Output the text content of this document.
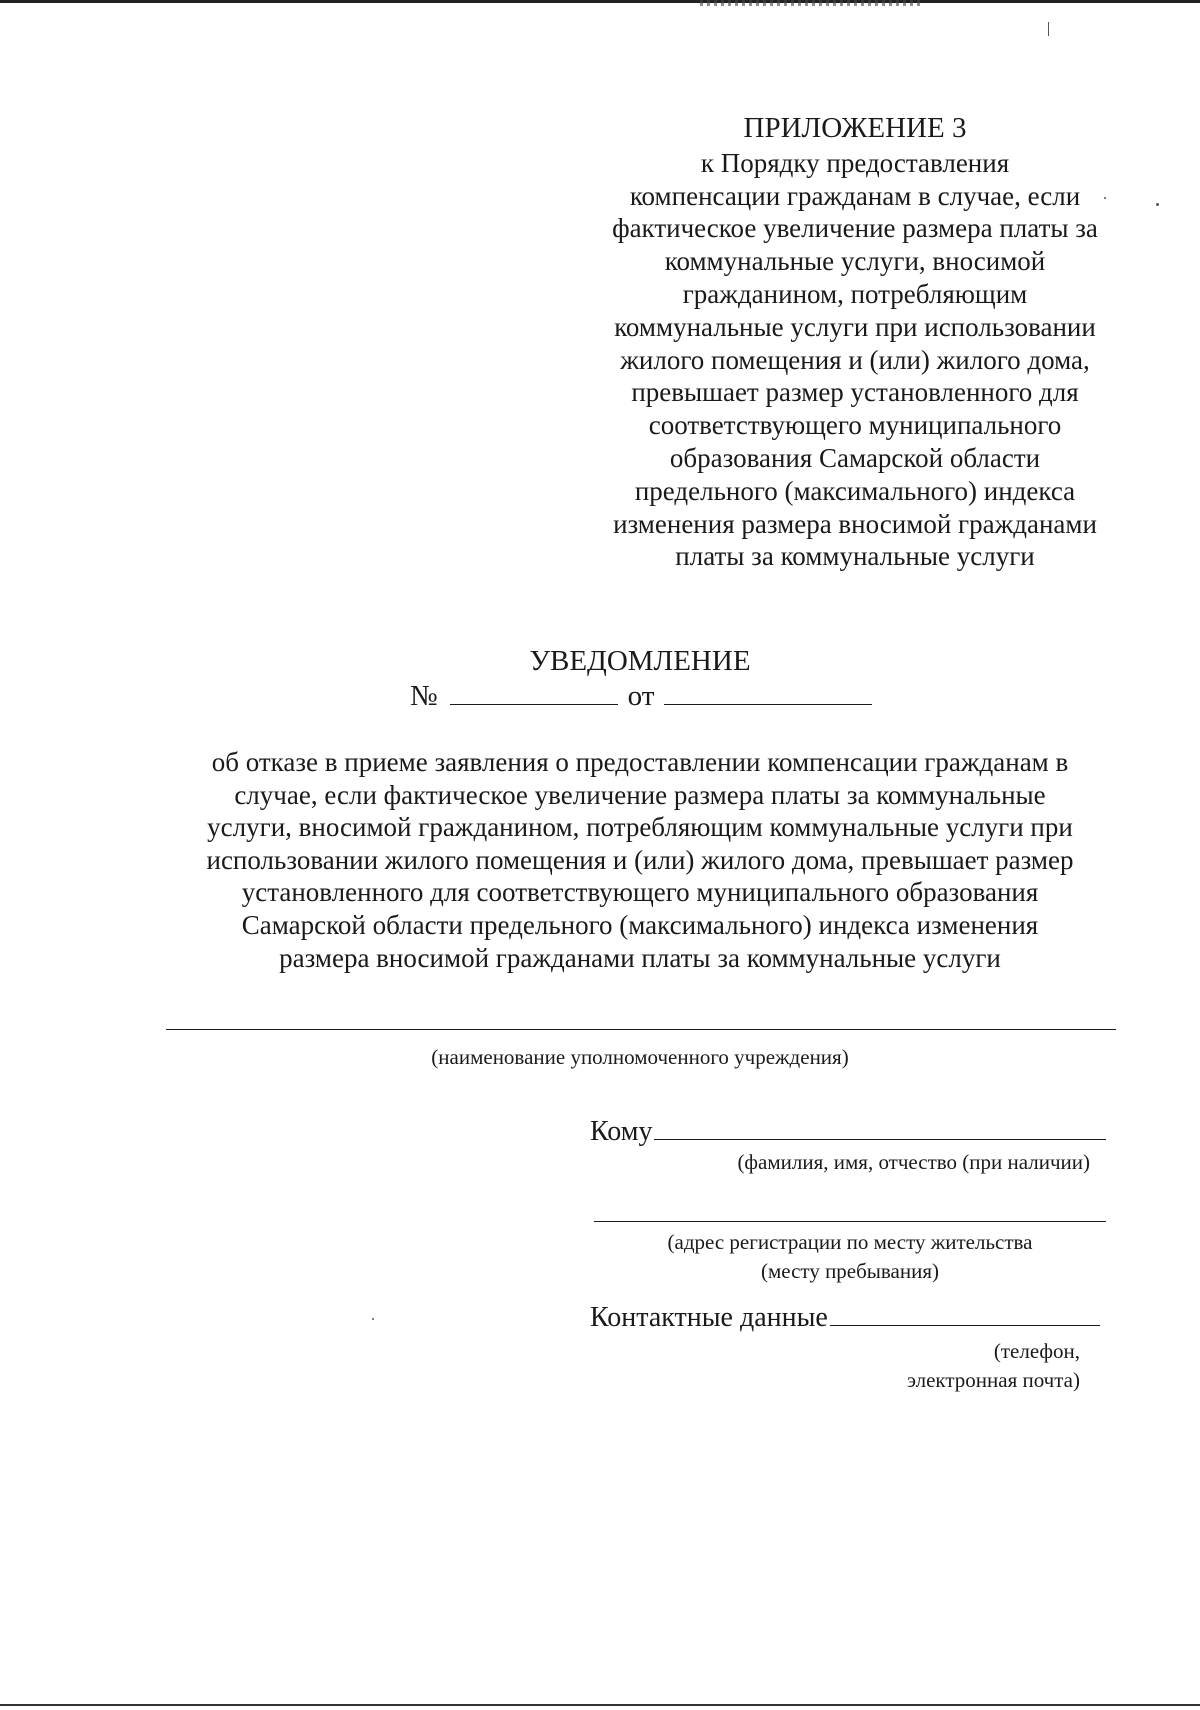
ПРИЛОЖЕНИЕ 3
к Порядку предоставления
компенсации гражданам в случае, если
фактическое увеличение размера платы за
коммунальные услуги, вносимой
гражданином, потребляющим
коммунальные услуги при использовании
жилого помещения и (или) жилого дома,
превышает размер установленного для
соответствующего муниципального
образования Самарской области
предельного (максимального) индекса
изменения размера вносимой гражданами
платы за коммунальные услуги
УВЕДОМЛЕНИЕ
№	от
об отказе в приеме заявления о предоставлении компенсации гражданам в
случае, если фактическое увеличение размера платы за коммунальные
услуги, вносимой гражданином, потребляющим коммунальные услуги при
использовании жилого помещения и (или) жилого дома, превышает размер
установленного для соответствующего муниципального образования
Самарской области предельного (максимального) индекса изменения
размера вносимой гражданами платы за коммунальные услуги
(наименование уполномоченного учреждения)
Кому
(фамилия, имя, отчество (при наличии)
(адрес регистрации по месту жительства
(месту пребывания)
Контактные данные
(телефон,
электронная почта)
